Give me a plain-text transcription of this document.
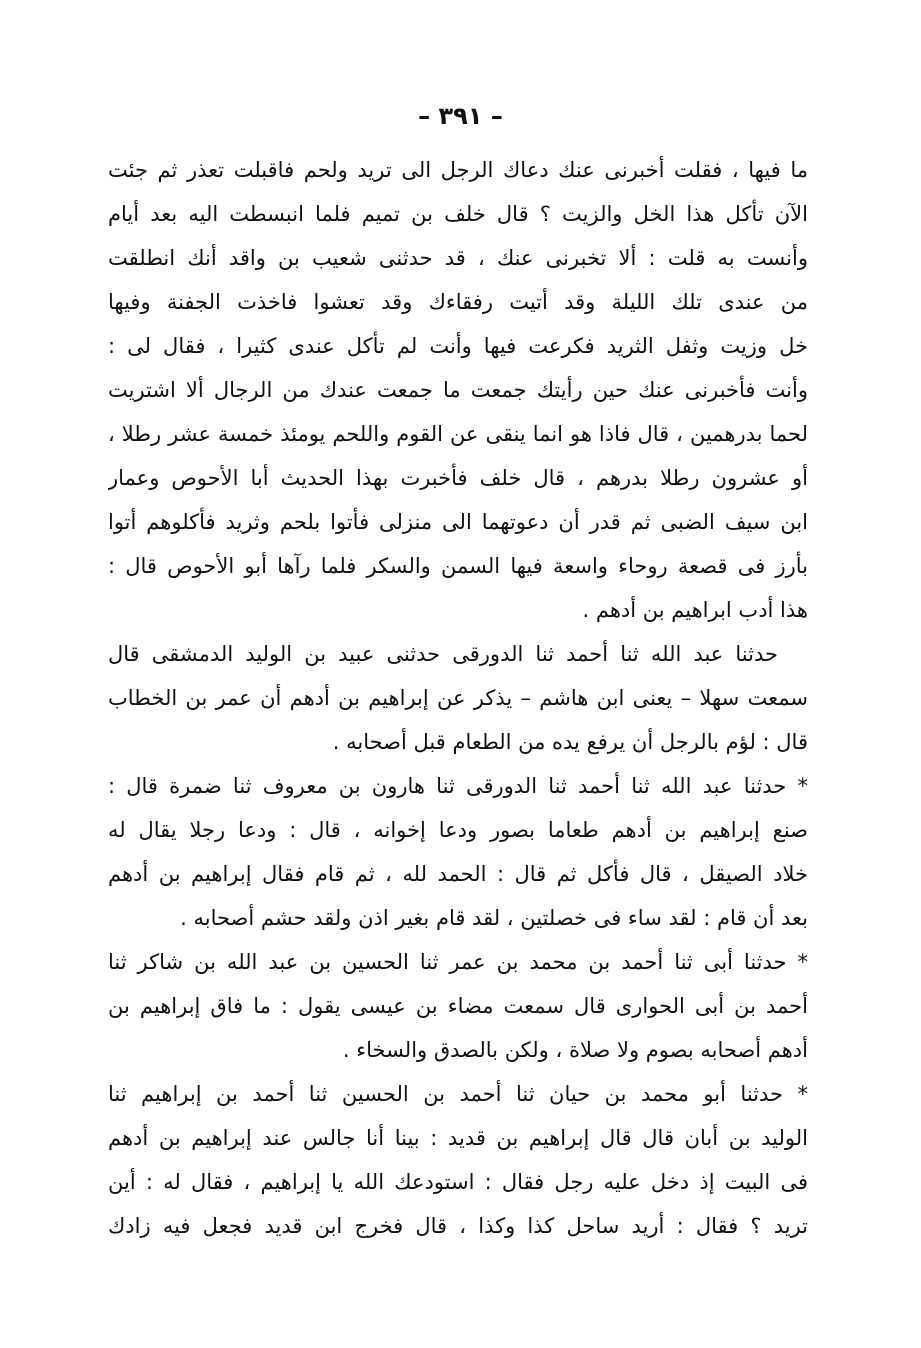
– ٣٩١ –
ما فيها ، فقلت أخبرنى عنك دعاك الرجل الى تريد ولحم فاقبلت تعذر ثم جئت
الآن تأكل هذا الخل والزيت ؟ قال خلف بن تميم فلما انبسطت اليه بعد أيام
وأنست به قلت : ألا تخبرنى عنك ، قد حدثنى شعيب بن واقد أنك انطلقت
من عندى تلك الليلة وقد أتيت رفقاءك وقد تعشوا فاخذت الجفنة وفيها
خل وزيت وثفل الثريد فكرعت فيها وأنت لم تأكل عندى كثيرا ، فقال لى :
وأنت فأخبرنى عنك حين رأيتك جمعت ما جمعت عندك من الرجال ألا اشتريت
لحما بدرهمين ، قال فاذا هو انما ينقى عن القوم واللحم يومئذ خمسة عشر رطلا ،
أو عشرون رطلا بدرهم ، قال خلف فأخبرت بهذا الحديث أبا الأحوص وعمار
ابن سيف الضبى ثم قدر أن دعوتهما الى منزلى فأتوا بلحم وثريد فأكلوهم أتوا
بأرز فى قصعة روحاء واسعة فيها السمن والسكر فلما رآها أبو الأحوص قال :
هذا أدب ابراهيم بن أدهم .
حدثنا عبد الله ثنا أحمد ثنا الدورقى حدثنى عبيد بن الوليد الدمشقى قال
سمعت سهلا – يعنى ابن هاشم – يذكر عن إبراهيم بن أدهم أن عمر بن الخطاب
قال : لؤم بالرجل أن يرفع يده من الطعام قبل أصحابه .
* حدثنا عبد الله ثنا أحمد ثنا الدورقى ثنا هارون بن معروف ثنا ضمرة قال :
صنع إبراهيم بن أدهم طعاما بصور ودعا إخوانه ، قال : ودعا رجلا يقال له
خلاد الصيقل ، قال فأكل ثم قال : الحمد لله ، ثم قام فقال إبراهيم بن أدهم
بعد أن قام : لقد ساء فى خصلتين ، لقد قام بغير اذن ولقد حشم أصحابه .
* حدثنا أبى ثنا أحمد بن محمد بن عمر ثنا الحسين بن عبد الله بن شاكر ثنا
أحمد بن أبى الحوارى قال سمعت مضاء بن عيسى يقول : ما فاق إبراهيم بن
أدهم أصحابه بصوم ولا صلاة ، ولكن بالصدق والسخاء .
* حدثنا أبو محمد بن حيان ثنا أحمد بن الحسين ثنا أحمد بن إبراهيم ثنا
الوليد بن أبان قال قال إبراهيم بن قديد : بينا أنا جالس عند إبراهيم بن أدهم
فى البيت إذ دخل عليه رجل فقال : استودعك الله يا إبراهيم ، فقال له : أين
تريد ؟ فقال : أريد ساحل كذا وكذا ، قال فخرج ابن قديد فجعل فيه زادك
